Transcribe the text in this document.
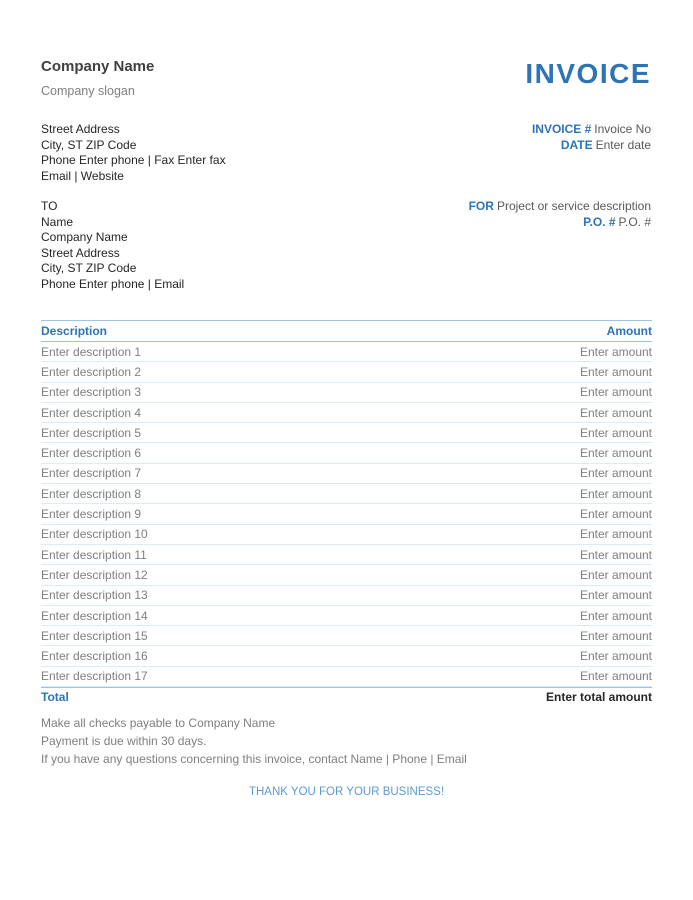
Company Name
Company slogan
INVOICE
Street Address
City, ST ZIP Code
Phone Enter phone | Fax Enter fax
Email | Website
INVOICE # Invoice No
DATE Enter date
TO
Name
Company Name
Street Address
City, ST ZIP Code
Phone Enter phone | Email
FOR Project or service description
P.O. # P.O. #
Description	Amount
Enter description 1	Enter amount
Enter description 2	Enter amount
Enter description 3	Enter amount
Enter description 4	Enter amount
Enter description 5	Enter amount
Enter description 6	Enter amount
Enter description 7	Enter amount
Enter description 8	Enter amount
Enter description 9	Enter amount
Enter description 10	Enter amount
Enter description 11	Enter amount
Enter description 12	Enter amount
Enter description 13	Enter amount
Enter description 14	Enter amount
Enter description 15	Enter amount
Enter description 16	Enter amount
Enter description 17	Enter amount
Total	Enter total amount
Make all checks payable to Company Name
Payment is due within 30 days.
If you have any questions concerning this invoice, contact Name | Phone | Email
THANK YOU FOR YOUR BUSINESS!
